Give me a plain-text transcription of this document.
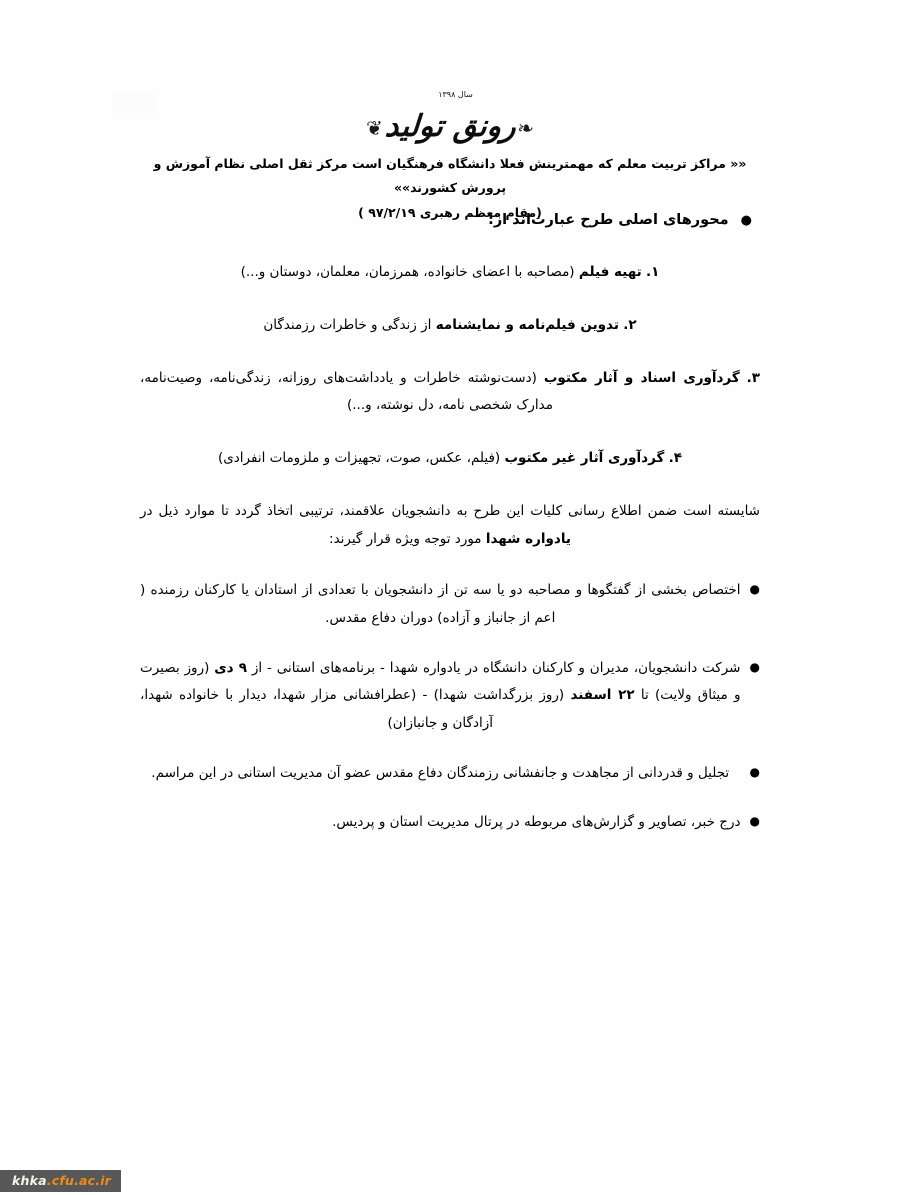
سال ۱۳۹۸
❧
رونق تولید
❦
«« مراکز تربیت معلم که مهمترینش فعلا دانشگاه فرهنگیان است مرکز ثقل اصلی نظام آموزش و پرورش کشورند»»
(مقام معظم رهبری ۹۷/۲/۱۹ )
●
محورهای اصلی طرح عبارت‌اند از:
۱. تهیه فیلم (مصاحبه با اعضای خانواده، همرزمان، معلمان، دوستان و...)
۲. تدوین فیلم‌نامه و نمایشنامه از زندگی و خاطرات رزمندگان
۳. گردآوری اسناد و آثار مکتوب (دست‌نوشته خاطرات و یادداشت‌های روزانه، زندگی‌نامه، وصیت‌نامه، مدارک شخصی نامه، دل نوشته، و...)
۴. گردآوری آثار غیر مکتوب (فیلم، عکس، صوت، تجهیزات و ملزومات انفرادی)
شایسته است ضمن اطلاع رسانی کلیات این طرح به دانشجویان علاقمند، ترتیبی اتخاذ گردد تا موارد ذیل در یادواره شهدا مورد توجه ویژه قرار گیرند:
●
اختصاص بخشی از گفتگوها و مصاحبه دو یا سه تن از دانشجویان با تعدادی از استادان یا کارکنان رزمنده ( اعم از جانباز و آزاده) دوران دفاع مقدس.
●
شرکت دانشجویان، مدیران و کارکنان دانشگاه در یادواره شهدا - برنامه‌های استانی - از ۹ دی (روز بصیرت و میثاق ولایت) تا ۲۲ اسفند (روز بزرگداشت شهدا) - (عطرافشانی مزار شهدا، دیدار با خانواده شهدا، آزادگان و جانبازان)
●
تجلیل و قدردانی از مجاهدت و جانفشانی رزمندگان دفاع مقدس عضو آن مدیریت استانی در این مراسم.
●
درج خبر، تصاویر و گزارش‌های مربوطه در پرتال مدیریت استان و پردیس.
khka .cfu.ac.ir
